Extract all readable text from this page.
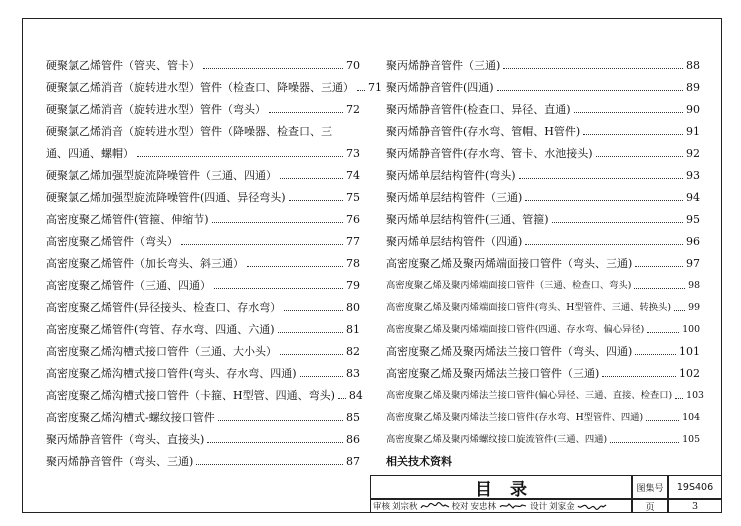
硬聚氯乙烯管件（管夹、管卡）	70
硬聚氯乙烯消音（旋转进水型）管件（检查口、降噪器、三通） 71
硬聚氯乙烯消音（旋转进水型）管件（弯头）	72
硬聚氯乙烯消音（旋转进水型）管件（降噪器、检查口、三
通、四通、螺帽）	73
硬聚氯乙烯加强型旋流降噪管件（三通、四通）	74
硬聚氯乙烯加强型旋流降噪管件(四通、异径弯头)	75
高密度聚乙烯管件(管箍、伸缩节)	76
高密度聚乙烯管件（弯头）	77
高密度聚乙烯管件（加长弯头、斜三通）	78
高密度聚乙烯管件（三通、四通）	79
高密度聚乙烯管件(异径接头、检查口、存水弯）	80
高密度聚乙烯管件(弯管、存水弯、四通、六通)	81
高密度聚乙烯沟槽式接口管件（三通、大小头）	82
高密度聚乙烯沟槽式接口管件(弯头、存水弯、四通)	83
高密度聚乙烯沟槽式接口管件（卡箍、H型管、四通、弯头) 84
高密度聚乙烯沟槽式-螺纹接口管件	85
聚丙烯静音管件（弯头、直接头)	86
聚丙烯静音管件（弯头、三通)	87
聚丙烯静音管件（三通)	88
聚丙烯静音管件(四通)	89
聚丙烯静音管件(检查口、异径、直通)	90
聚丙烯静音管件(存水弯、管帽、H管件)	91
聚丙烯静音管件(存水弯、管卡、水池接头)	92
聚丙烯单层结构管件(弯头)	93
聚丙烯单层结构管件（三通)	94
聚丙烯单层结构管件(三通、管箍)	95
聚丙烯单层结构管件（四通)	96
高密度聚乙烯及聚丙烯端面接口管件（弯头、三通)	97
高密度聚乙烯及聚丙烯端面接口管件（三通、检查口、弯头)	98
高密度聚乙烯及聚丙烯端面接口管件(弯头、H型管件、三通、转换头) 99
高密度聚乙烯及聚丙烯端面接口管件(四通、存水弯、偏心异径)	100
高密度聚乙烯及聚丙烯法兰接口管件（弯头、四通)	101
高密度聚乙烯及聚丙烯法兰接口管件（三通)	102
高密度聚乙烯及聚丙烯法兰接口管件(偏心异径、三通、直接、检查口) 103
高密度聚乙烯及聚丙烯法兰接口管件(存水弯、H型管件、四通)	104
高密度聚乙烯及聚丙烯螺纹接口旋流管件(三通、四通)	105
相关技术资料
目录	图集号	19S406
页	3
审核 刘宗秋	校对 安忠林	设计 刘家金
